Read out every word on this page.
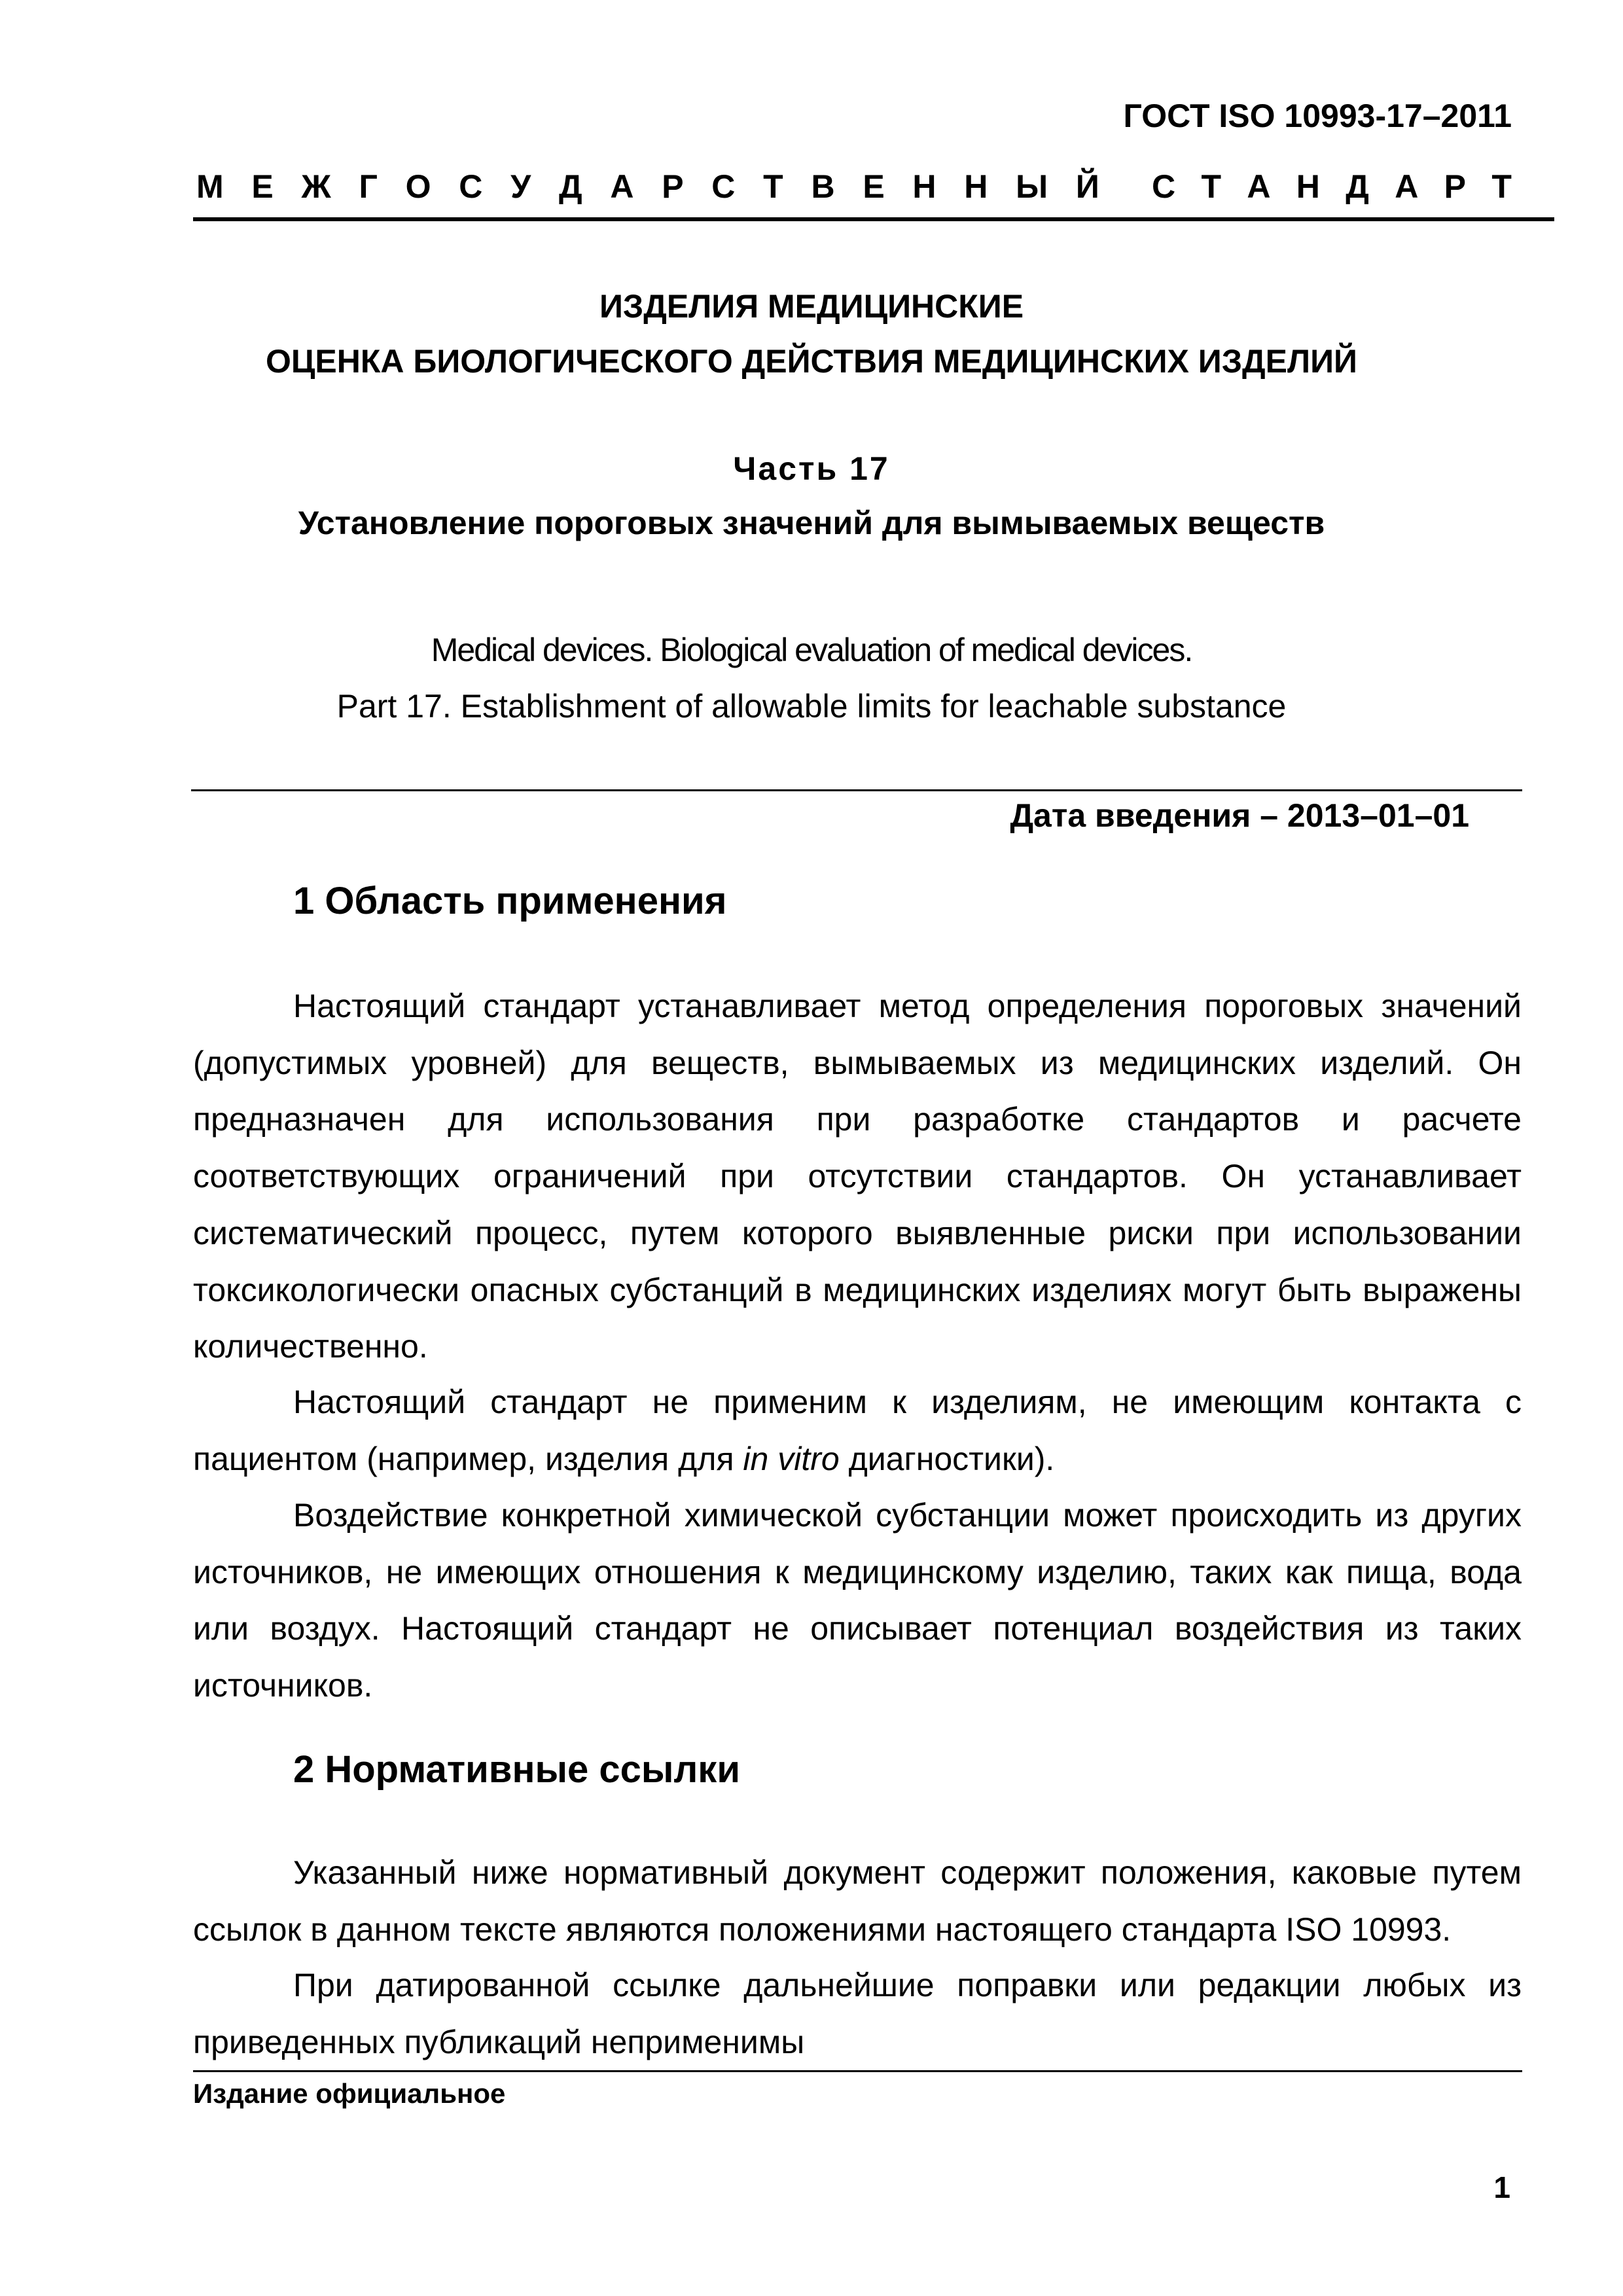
ГОСТ ISO 10993-17–2011
М Е Ж Г О С У Д А Р С Т В Е Н Н Ы Й С Т А Н Д А Р Т
ИЗДЕЛИЯ МЕДИЦИНСКИЕ
ОЦЕНКА БИОЛОГИЧЕСКОГО ДЕЙСТВИЯ МЕДИЦИНСКИХ ИЗДЕЛИЙ
Часть 17
Установление пороговых значений для вымываемых веществ
Medical devices. Biological evaluation of medical devices.
Part 17. Establishment of allowable limits for leachable substance
Дата введения – 2013–01–01
1 Область применения

Настоящий стандарт устанавливает метод определения пороговых значений (допустимых уровней) для веществ, вымываемых из медицинских изделий. Он предназначен для использования при разработке стандартов и расчете соответствующих ограничений при отсутствии стандартов. Он устанавливает систематический процесс, путем которого выявленные риски при использовании токсикологически опасных субстанций в медицинских изделиях могут быть выражены количественно.

Настоящий стандарт не применим к изделиям, не имеющим контакта с пациентом (например, изделия для in vitro диагностики).

Воздействие конкретной химической субстанции может происходить из других источников, не имеющих отношения к медицинскому изделию, таких как пища, вода или воздух. Настоящий стандарт не описывает потенциал воздействия из таких источников.

2 Нормативные ссылки

Указанный ниже нормативный документ содержит положения, каковые путем ссылок в данном тексте являются положениями настоящего стандарта ISO 10993.

При датированной ссылке дальнейшие поправки или редакции любых из приведенных публикаций неприменимы

Издание официальное
1
